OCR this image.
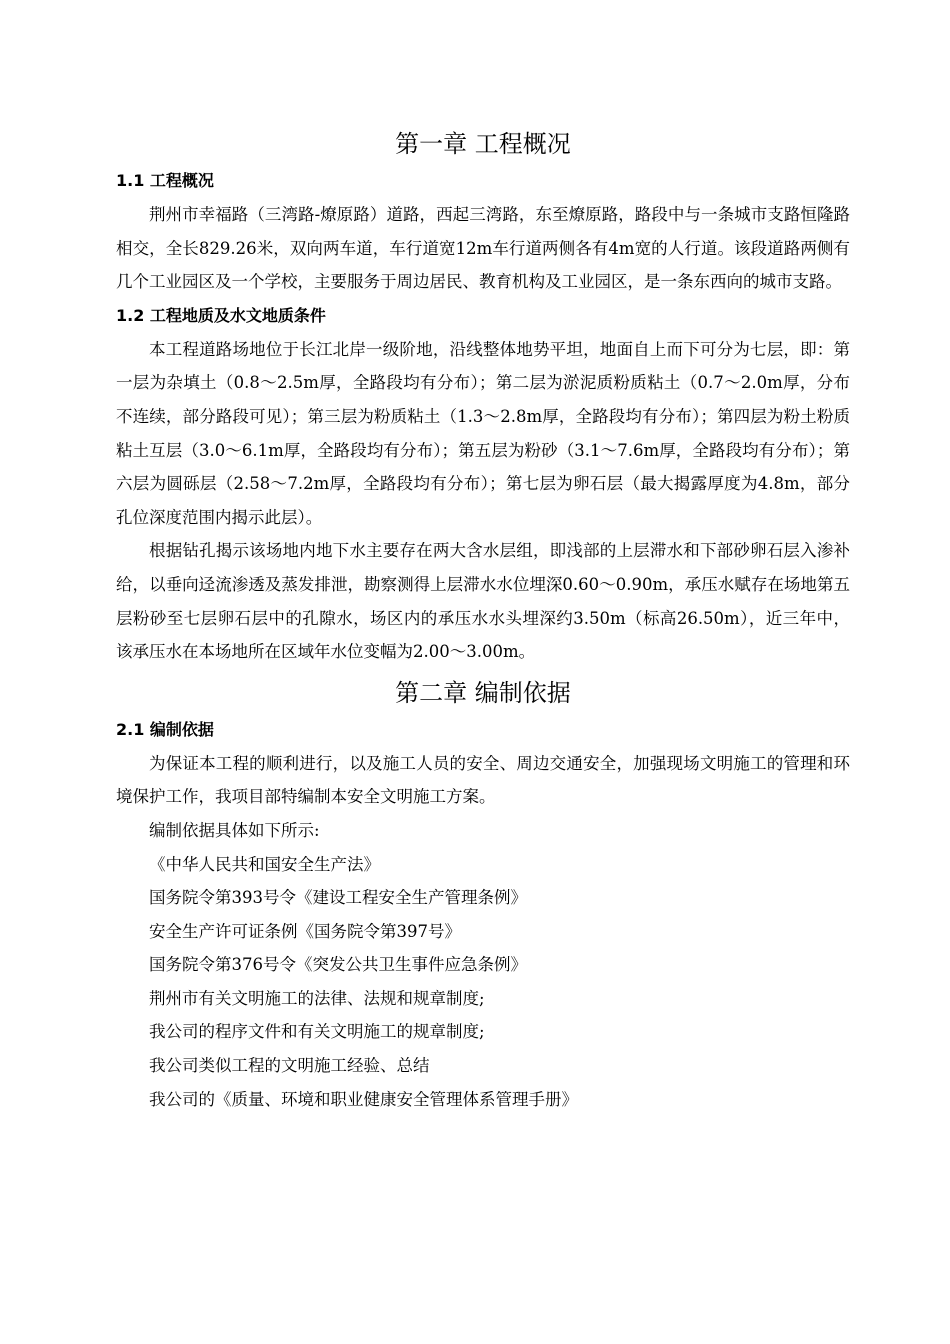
第一章 工程概况
1.1 工程概况

荆州市幸福路（三湾路-燎原路）道路，西起三湾路，东至燎原路，路段中与一条城市支路恒隆路相交，全长829.26米，双向两车道，车行道宽12m车行道两侧各有4m宽的人行道。该段道路两侧有几个工业园区及一个学校，主要服务于周边居民、教育机构及工业园区，是一条东西向的城市支路。

1.2 工程地质及水文地质条件

本工程道路场地位于长江北岸一级阶地，沿线整体地势平坦，地面自上而下可分为七层，即：第一层为杂填土（0.8～2.5m厚，全路段均有分布）；第二层为淤泥质粉质粘土（0.7～2.0m厚，分布不连续，部分路段可见）；第三层为粉质粘土（1.3～2.8m厚，全路段均有分布）；第四层为粉土粉质粘土互层（3.0～6.1m厚，全路段均有分布）；第五层为粉砂（3.1～7.6m厚，全路段均有分布）；第六层为圆砾层（2.58～7.2m厚，全路段均有分布）；第七层为卵石层（最大揭露厚度为4.8m，部分孔位深度范围内揭示此层）。

根据钻孔揭示该场地内地下水主要存在两大含水层组，即浅部的上层滞水和下部砂卵石层入渗补给，以垂向迳流渗透及蒸发排泄，勘察测得上层滞水水位埋深0.60～0.90m，承压水赋存在场地第五层粉砂至七层卵石层中的孔隙水，场区内的承压水水头埋深约3.50m（标高26.50m），近三年中，该承压水在本场地所在区域年水位变幅为2.00～3.00m。

第二章 编制依据
2.1 编制依据

为保证本工程的顺利进行，以及施工人员的安全、周边交通安全，加强现场文明施工的管理和环境保护工作，我项目部特编制本安全文明施工方案。

编制依据具体如下所示:

《中华人民共和国安全生产法》

国务院令第393号令《建设工程安全生产管理条例》

安全生产许可证条例《国务院令第397号》

国务院令第376号令《突发公共卫生事件应急条例》

荆州市有关文明施工的法律、法规和规章制度;

我公司的程序文件和有关文明施工的规章制度;

我公司类似工程的文明施工经验、总结

我公司的《质量、环境和职业健康安全管理体系管理手册》
